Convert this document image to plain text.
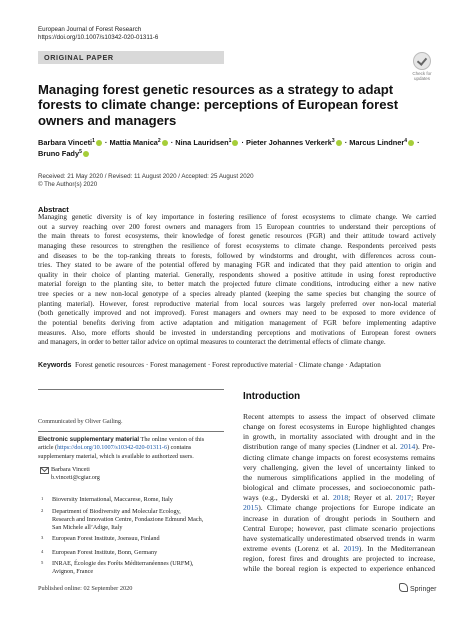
European Journal of Forest Research
https://doi.org/10.1007/s10342-020-01311-6
ORIGINAL PAPER
Check for updates
Managing forest genetic resources as a strategy to adapt forests to climate change: perceptions of European forest owners and managers
Barbara Vinceti$^1$ · Mattia Manica$^2$ · Nina Lauridsen$^1$ · Pieter Johannes Verkerk$^3$ · Marcus Lindner$^4$ ·
Bruno Fady$^5$
Received: 21 May 2020 / Revised: 11 August 2020 / Accepted: 25 August 2020
© The Author(s) 2020
Abstract
Managing genetic diversity is of key importance in fostering resilience of forest ecosystems to climate change. We carried
out a survey reaching over 200 forest owners and managers from 15 European countries to understand their perceptions of
the main threats to forest ecosystems, their knowledge of forest genetic resources (FGR) and their attitude toward actively
managing these resources to strengthen the resilience of forest ecosystems to climate change. Respondents perceived pests
and diseases to be the top-ranking threats to forests, followed by windstorms and drought, with differences across coun-
tries. They stated to be aware of the potential offered by managing FGR and indicated that they paid attention to origin and
quality in their choice of planting material. Generally, respondents showed a positive attitude in using forest reproductive
material foreign to the planting site, to better match the projected future climate conditions, introducing either a new native
tree species or a new non-local genotype of a species already planted (keeping the same species but changing the source of
planting material). However, forest reproductive material from local sources was largely preferred over non-local material
(both genetically improved and not improved). Forest managers and owners may need to be exposed to more evidence of
the potential benefits deriving from active adaptation and mitigation management of FGR before implementing adaptive
measures. Also, more efforts should be invested in understanding perceptions and motivations of European forest owners
and managers, in order to better tailor advice on optimal measures to counteract the detrimental effects of climate change.
Keywords Forest genetic resources · Forest management · Forest reproductive material · Climate change · Adaptation
Communicated by Oliver Gailing.
Electronic supplementary material The online version of this
article (https://doi.org/10.1007/s10342-020-01311-6) contains
supplementary material, which is available to authorized users.
Barbara Vinceti
b.vinceti@cgiar.org
1 Bioversity International, Maccarese, Rome, Italy
2 Department of Biodiversity and Molecular Ecology,
Research and Innovation Centre, Fondazione Edmund Mach,
San Michele all’Adige, Italy
3 European Forest Institute, Joensuu, Finland
4 European Forest Institute, Bonn, Germany
5 INRAE, Écologie des Forêts Méditerranéennes (URFM),
Avignon, France
Introduction
Recent attempts to assess the impact of observed climate
change on forest ecosystems in Europe highlighted changes
in growth, in mortality associated with drought and in the
distribution range of many species (Lindner et al. 2014). Pre-
dicting climate change impacts on forest ecosystems remains
very challenging, given the level of uncertainty linked to
the numerous simplifications applied in the modeling of
biological and climate processes, and socioeconomic path-
ways (e.g., Dyderski et al. 2018; Reyer et al. 2017; Reyer
2015). Climate change projections for Europe indicate an
increase in duration of drought periods in Southern and
Central Europe; however, past climate scenario projections
have systematically underestimated observed trends in warm
extreme events (Lorenz et al. 2019). In the Mediterranean
region, forest fires and droughts are projected to increase,
while the boreal region is expected to experience enhanced
Published online: 02 September 2020	Springer
